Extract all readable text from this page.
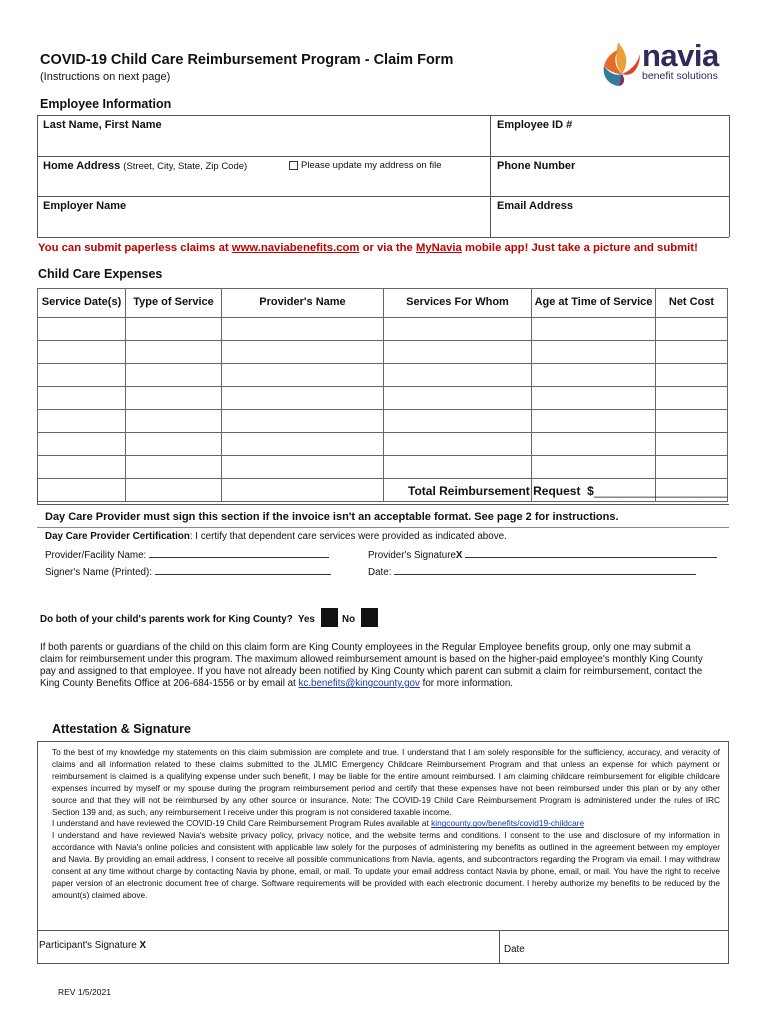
COVID-19 Child Care Reimbursement Program - Claim Form
(Instructions on next page)
navia
benefit solutions
Employee Information
Last Name, First Name	Employee ID #
Home Address (Street, City, State, Zip Code)	Please update my address on file	Phone Number
Employer Name	Email Address
You can submit paperless claims at www.naviabenefits.com or via the MyNavia mobile app! Just take a picture and submit!
Child Care Expenses
Service Date(s)	Type of Service	Provider's Name	Services For Whom	Age at Time of Service	Net Cost

Total Reimbursement Request $____________________
Day Care Provider must sign this section if the invoice isn't an acceptable format. See page 2 for instructions.
Day Care Provider Certification: I certify that dependent care services were provided as indicated above.
Provider/Facility Name:	Provider's SignatureX
Signer's Name (Printed):	Date:
Do both of your child's parents work for King County? Yes	No
If both parents or guardians of the child on this claim form are King County employees in the Regular Employee benefits group, only one may submit a claim for reimbursement under this program. The maximum allowed reimbursement amount is based on the higher-paid employee's monthly King County pay and assigned to that employee. If you have not already been notified by King County which parent can submit a claim for reimbursement, contact the King County Benefits Office at 206-684-1556 or by email at kc.benefits@kingcounty.gov for more information.
Attestation & Signature
To the best of my knowledge my statements on this claim submission are complete and true. I understand that I am solely responsible for the sufficiency, accuracy, and veracity of claims and all information related to these claims submitted to the JLMIC Emergency Childcare Reimbursement Program and that unless an expense for which payment or reimbursement is claimed is a qualifying expense under such benefit, I may be liable for the entire amount reimbursed. I am claiming childcare reimbursement for eligible childcare expenses incurred by myself or my spouse during the program reimbursement period and certify that these expenses have not been reimbursed under this plan or by any other source and that they will not be reimbursed by any other source or insurance. Note: The COVID-19 Child Care Reimbursement Program is administered under the rules of IRC Section 139 and, as such, any reimbursement I receive under this program is not considered taxable income.
I understand and have reviewed the COVID-19 Child Care Reimbursement Program Rules available at kingcounty.gov/benefits/covid19-childcare
I understand and have reviewed Navia's website privacy policy, privacy notice, and the website terms and conditions. I consent to the use and disclosure of my information in accordance with Navia's online policies and consistent with applicable law solely for the purposes of administering my benefits as outlined in the agreement between my employer and Navia. By providing an email address, I consent to receive all possible communications from Navia, agents, and subcontractors regarding the Program via email. I may withdraw consent at any time without charge by contacting Navia by phone, email, or mail. To update your email address contact Navia by phone, email, or mail. You have the right to receive paper version of an electronic document free of charge. Software requirements will be provided with each electronic document. I hereby authorize my benefits to be reduced by the amount(s) claimed above.
Participant's Signature X	Date
REV 1/5/2021
